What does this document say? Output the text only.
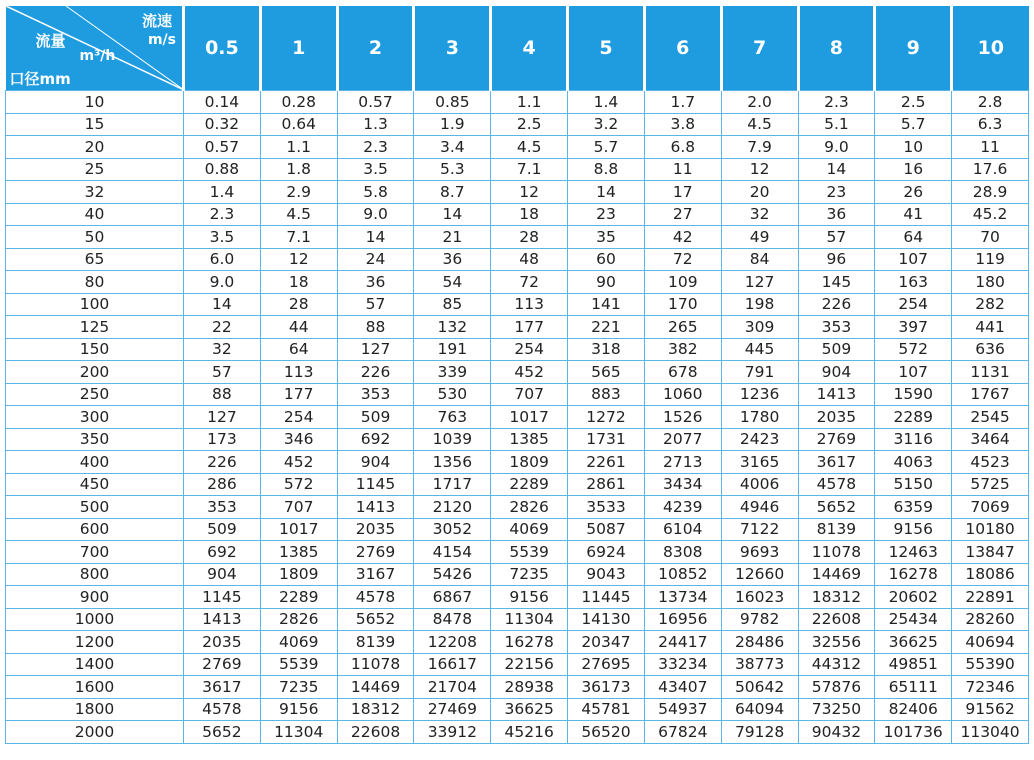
流速
m/s
流量
m³/h
口径mm	0.5	1	2	3	4	5	6	7	8	9	10
10	0.14	0.28	0.57	0.85	1.1	1.4	1.7	2.0	2.3	2.5	2.8
15	0.32	0.64	1.3	1.9	2.5	3.2	3.8	4.5	5.1	5.7	6.3
20	0.57	1.1	2.3	3.4	4.5	5.7	6.8	7.9	9.0	10	11
25	0.88	1.8	3.5	5.3	7.1	8.8	11	12	14	16	17.6
32	1.4	2.9	5.8	8.7	12	14	17	20	23	26	28.9
40	2.3	4.5	9.0	14	18	23	27	32	36	41	45.2
50	3.5	7.1	14	21	28	35	42	49	57	64	70
65	6.0	12	24	36	48	60	72	84	96	107	119
80	9.0	18	36	54	72	90	109	127	145	163	180
100	14	28	57	85	113	141	170	198	226	254	282
125	22	44	88	132	177	221	265	309	353	397	441
150	32	64	127	191	254	318	382	445	509	572	636
200	57	113	226	339	452	565	678	791	904	107	1131
250	88	177	353	530	707	883	1060	1236	1413	1590	1767
300	127	254	509	763	1017	1272	1526	1780	2035	2289	2545
350	173	346	692	1039	1385	1731	2077	2423	2769	3116	3464
400	226	452	904	1356	1809	2261	2713	3165	3617	4063	4523
450	286	572	1145	1717	2289	2861	3434	4006	4578	5150	5725
500	353	707	1413	2120	2826	3533	4239	4946	5652	6359	7069
600	509	1017	2035	3052	4069	5087	6104	7122	8139	9156	10180
700	692	1385	2769	4154	5539	6924	8308	9693	11078	12463	13847
800	904	1809	3167	5426	7235	9043	10852	12660	14469	16278	18086
900	1145	2289	4578	6867	9156	11445	13734	16023	18312	20602	22891
1000	1413	2826	5652	8478	11304	14130	16956	9782	22608	25434	28260
1200	2035	4069	8139	12208	16278	20347	24417	28486	32556	36625	40694
1400	2769	5539	11078	16617	22156	27695	33234	38773	44312	49851	55390
1600	3617	7235	14469	21704	28938	36173	43407	50642	57876	65111	72346
1800	4578	9156	18312	27469	36625	45781	54937	64094	73250	82406	91562
2000	5652	11304	22608	33912	45216	56520	67824	79128	90432	101736	113040
